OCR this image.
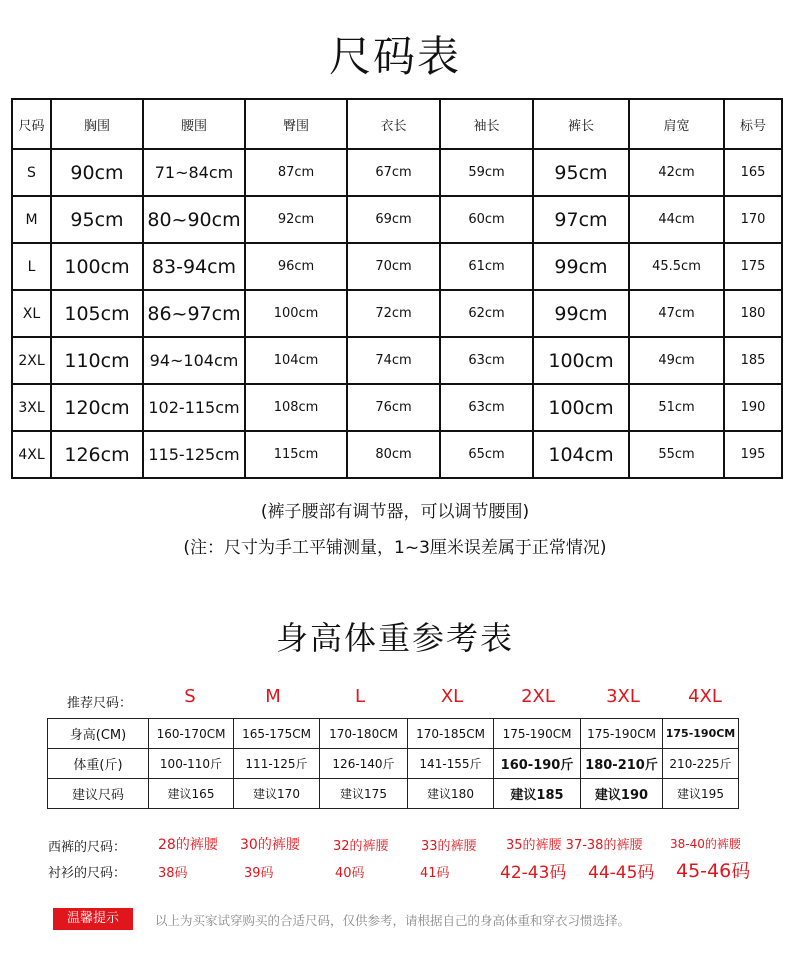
尺码表
尺码	胸围	腰围	臀围	衣长	袖长	裤长	肩宽	标号
S	90cm	71~84cm	87cm	67cm	59cm	95cm	42cm	165
M	95cm	80~90cm	92cm	69cm	60cm	97cm	44cm	170
L	100cm	83-94cm	96cm	70cm	61cm	99cm	45.5cm	175
XL	105cm	86~97cm	100cm	72cm	62cm	99cm	47cm	180
2XL	110cm	94~104cm	104cm	74cm	63cm	100cm	49cm	185
3XL	120cm	102-115cm	108cm	76cm	63cm	100cm	51cm	190
4XL	126cm	115-125cm	115cm	80cm	65cm	104cm	55cm	195
(裤子腰部有调节器，可以调节腰围)
(注：尺寸为手工平铺测量，1~3厘米误差属于正常情况)
身高体重参考表
推荐尺码：	S	M	L	XL	2XL	3XL	4XL
身高(CM)	160-170CM	165-175CM	170-180CM	170-185CM	175-190CM	175-190CM	175-190CM
体重(斤)	100-110斤	111-125斤	126-140斤	141-155斤	160-190斤	180-210斤	210-225斤
建议尺码	建议165	建议170	建议175	建议180	建议185	建议190	建议195
西裤的尺码： 28的裤腰 30的裤腰	32的裤腰 33的裤腰 35的裤腰 37-38的裤腰 38-40的裤腰
衬衫的尺码： 38码	39码	40码	41码	42-43码 44-45码 45-46码
温馨提示	以上为买家试穿购买的合适尺码，仅供参考，请根据自己的身高体重和穿衣习惯选择。
